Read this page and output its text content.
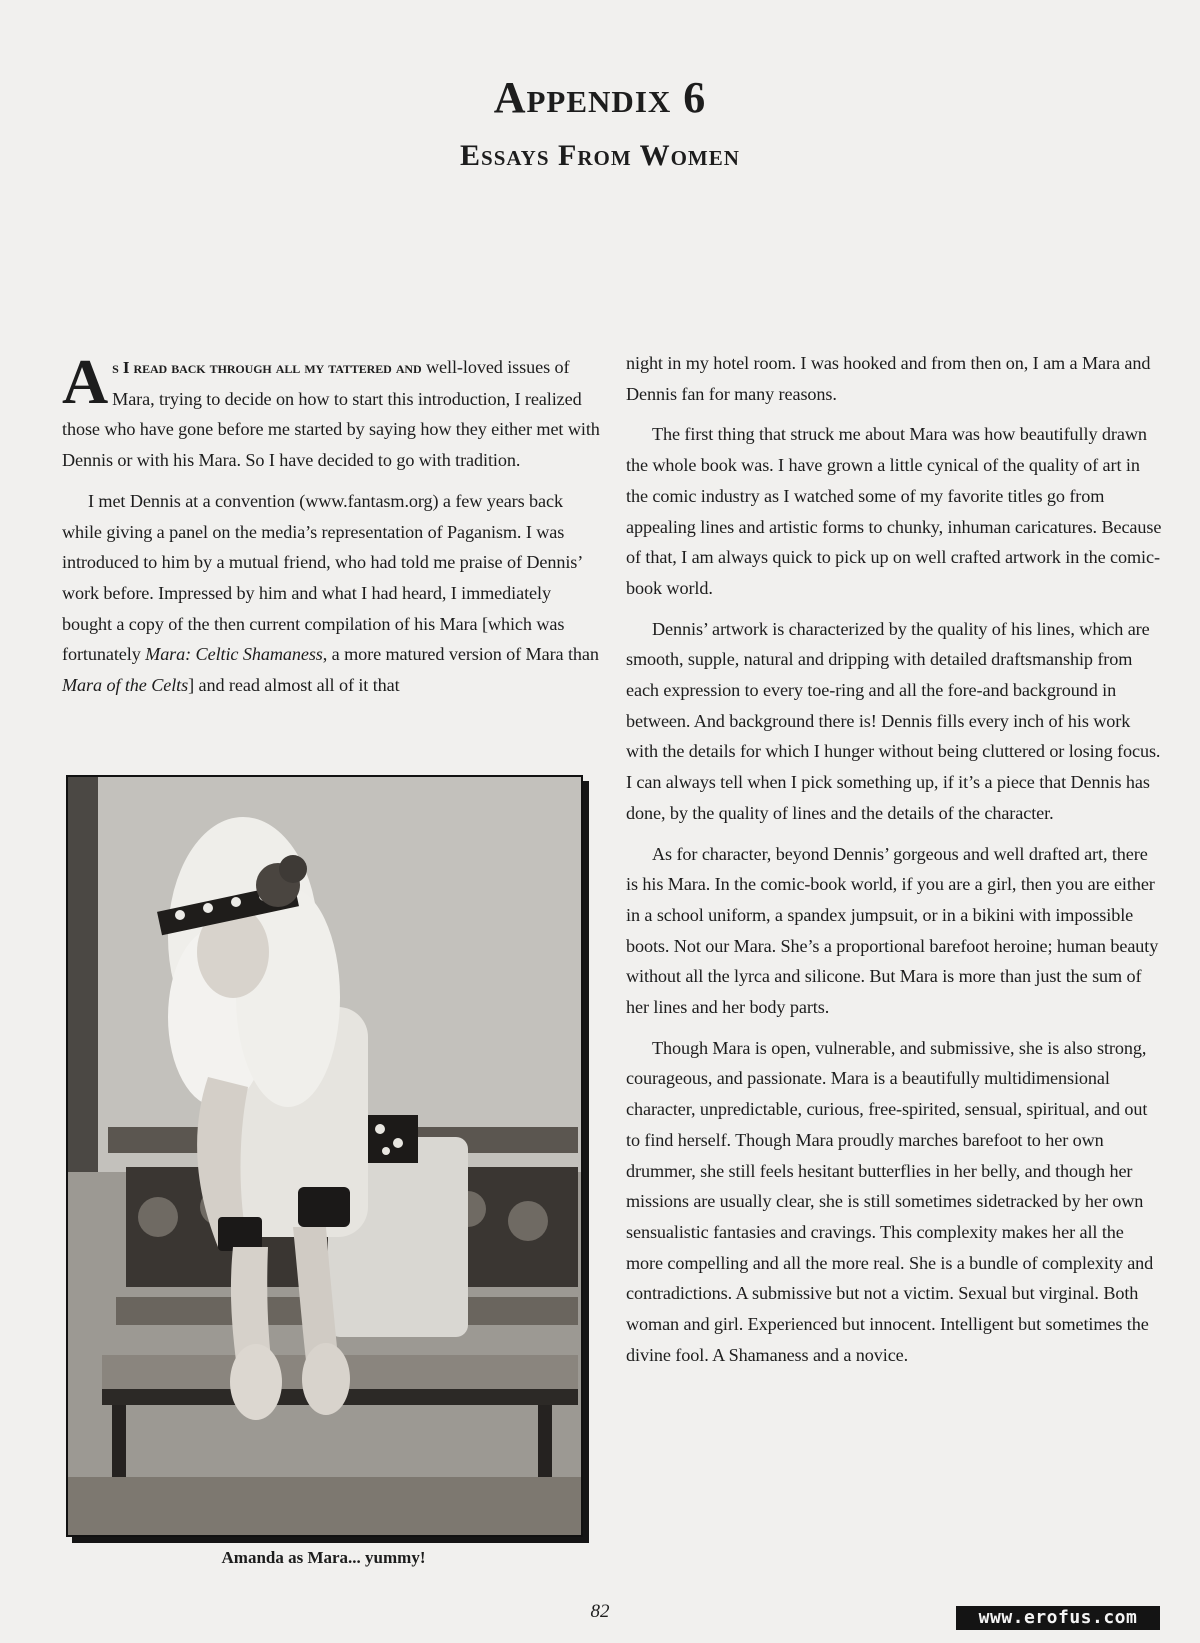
Appendix 6
Essays From Women

As I read back through all my tattered and well-loved issues of Mara, trying to decide on how to start this introduction, I realized those who have gone before me started by saying how they either met with Dennis or with his Mara. So I have decided to go with tradition.

I met Dennis at a convention (www.fantasm.org) a few years back while giving a panel on the media’s representation of Paganism. I was introduced to him by a mutual friend, who had told me praise of Dennis’ work before. Impressed by him and what I had heard, I immediately bought a copy of the then current compilation of his Mara [which was fortunately Mara: Celtic Shamaness, a more matured version of Mara than Mara of the Celts] and read almost all of it that

Amanda as Mara... yummy!

night in my hotel room. I was hooked and from then on, I am a Mara and Dennis fan for many reasons.

The first thing that struck me about Mara was how beautifully drawn the whole book was. I have grown a little cynical of the quality of art in the comic industry as I watched some of my favorite titles go from appealing lines and artistic forms to chunky, inhuman caricatures. Because of that, I am always quick to pick up on well crafted artwork in the comic-book world.

Dennis’ artwork is characterized by the quality of his lines, which are smooth, supple, natural and dripping with detailed draftsmanship from each expression to every toe-ring and all the fore-and background in between. And background there is! Dennis fills every inch of his work with the details for which I hunger without being cluttered or losing focus. I can always tell when I pick something up, if it’s a piece that Dennis has done, by the quality of lines and the details of the character.

As for character, beyond Dennis’ gorgeous and well drafted art, there is his Mara. In the comic-book world, if you are a girl, then you are either in a school uniform, a spandex jumpsuit, or in a bikini with impossible boots. Not our Mara. She’s a proportional barefoot heroine; human beauty without all the lyrca and silicone. But Mara is more than just the sum of her lines and her body parts.

Though Mara is open, vulnerable, and submissive, she is also strong, courageous, and passionate. Mara is a beautifully multidimensional character, unpredictable, curious, free-spirited, sensual, spiritual, and out to find herself. Though Mara proudly marches barefoot to her own drummer, she still feels hesitant butterflies in her belly, and though her missions are usually clear, she is still sometimes sidetracked by her own sensualistic fantasies and cravings. This complexity makes her all the more compelling and all the more real. She is a bundle of complexity and contradictions. A submissive but not a victim. Sexual but virginal. Both woman and girl. Experienced but innocent. Intelligent but sometimes the divine fool. A Shamaness and a novice.

82	www.erofus.com
